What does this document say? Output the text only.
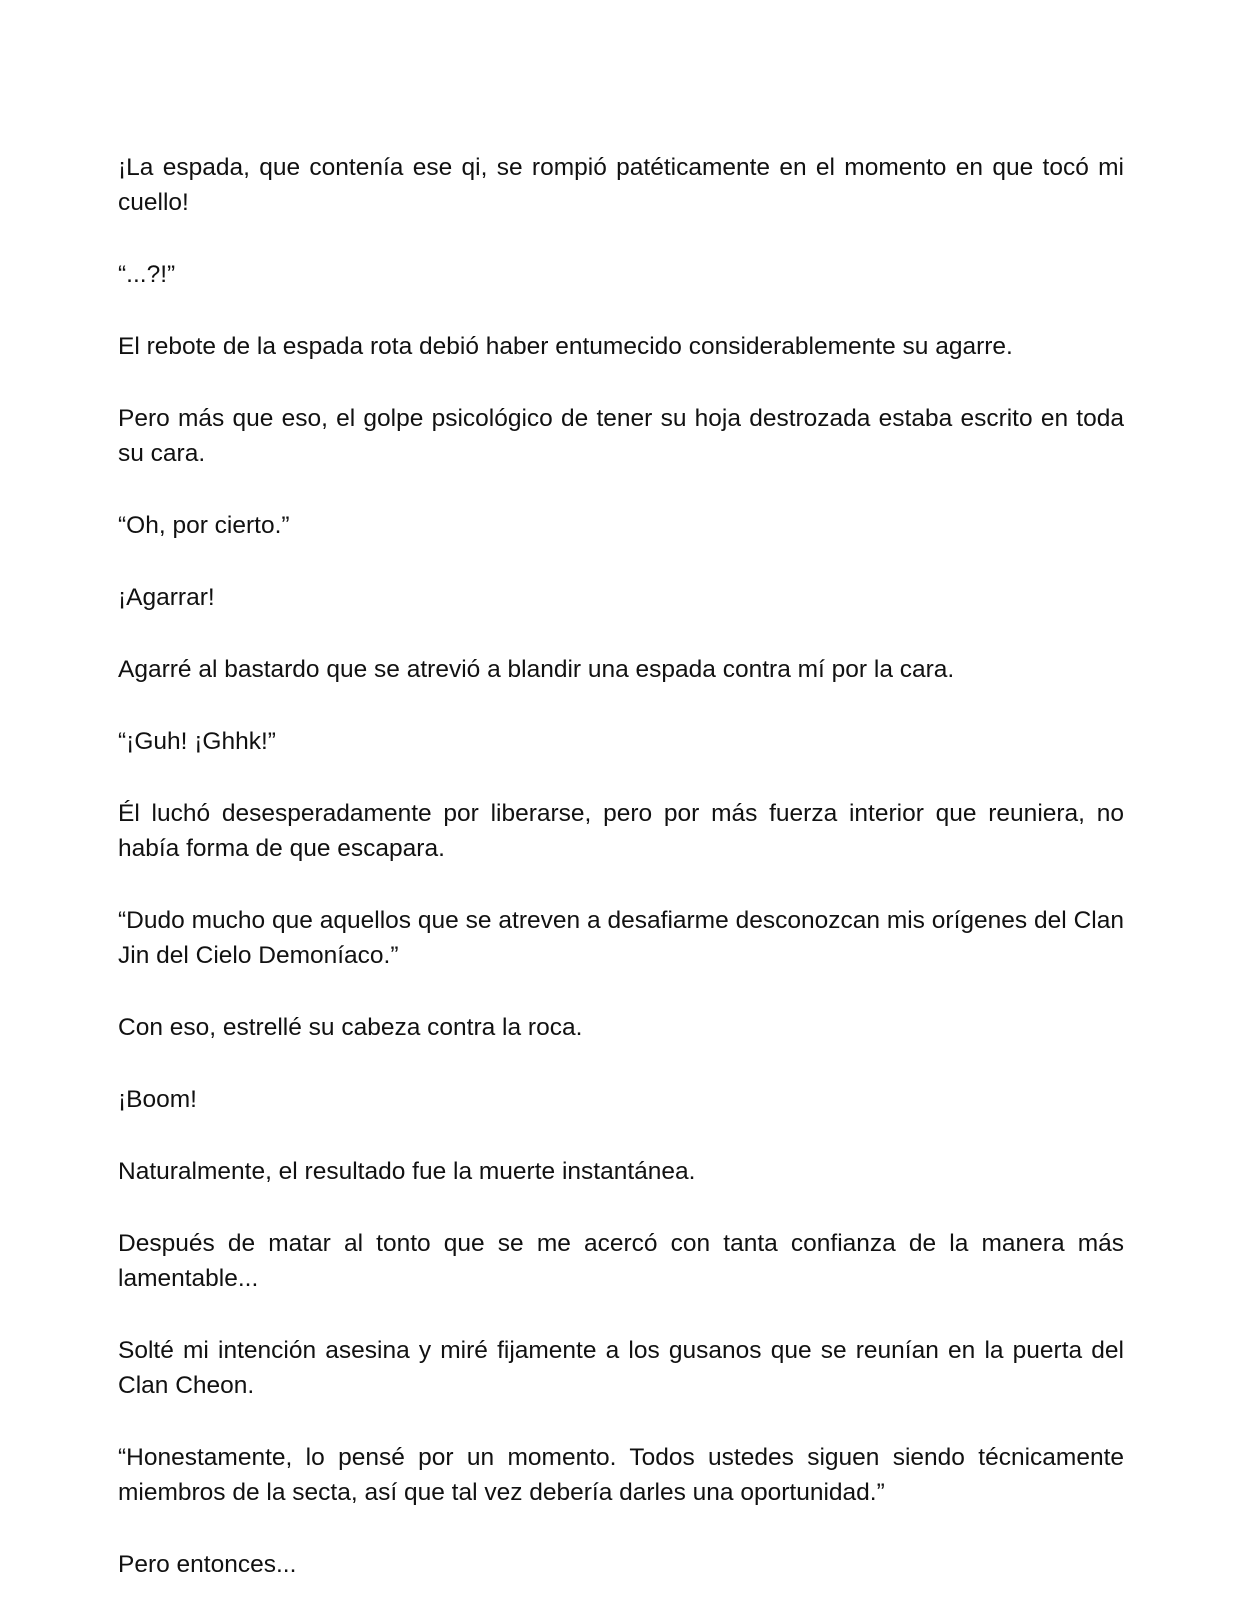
¡La espada, que contenía ese qi, se rompió patéticamente en el momento en que tocó mi cuello!

“...?!”

El rebote de la espada rota debió haber entumecido considerablemente su agarre.

Pero más que eso, el golpe psicológico de tener su hoja destrozada estaba escrito en toda su cara.

“Oh, por cierto.”

¡Agarrar!

Agarré al bastardo que se atrevió a blandir una espada contra mí por la cara.

“¡Guh! ¡Ghhk!”

Él luchó desesperadamente por liberarse, pero por más fuerza interior que reuniera, no había forma de que escapara.

“Dudo mucho que aquellos que se atreven a desafiarme desconozcan mis orígenes del Clan Jin del Cielo Demoníaco.”

Con eso, estrellé su cabeza contra la roca.

¡Boom!

Naturalmente, el resultado fue la muerte instantánea.

Después de matar al tonto que se me acercó con tanta confianza de la manera más lamentable...

Solté mi intención asesina y miré fijamente a los gusanos que se reunían en la puerta del Clan Cheon.

“Honestamente, lo pensé por un momento. Todos ustedes siguen siendo técnicamente miembros de la secta, así que tal vez debería darles una oportunidad.”

Pero entonces...
